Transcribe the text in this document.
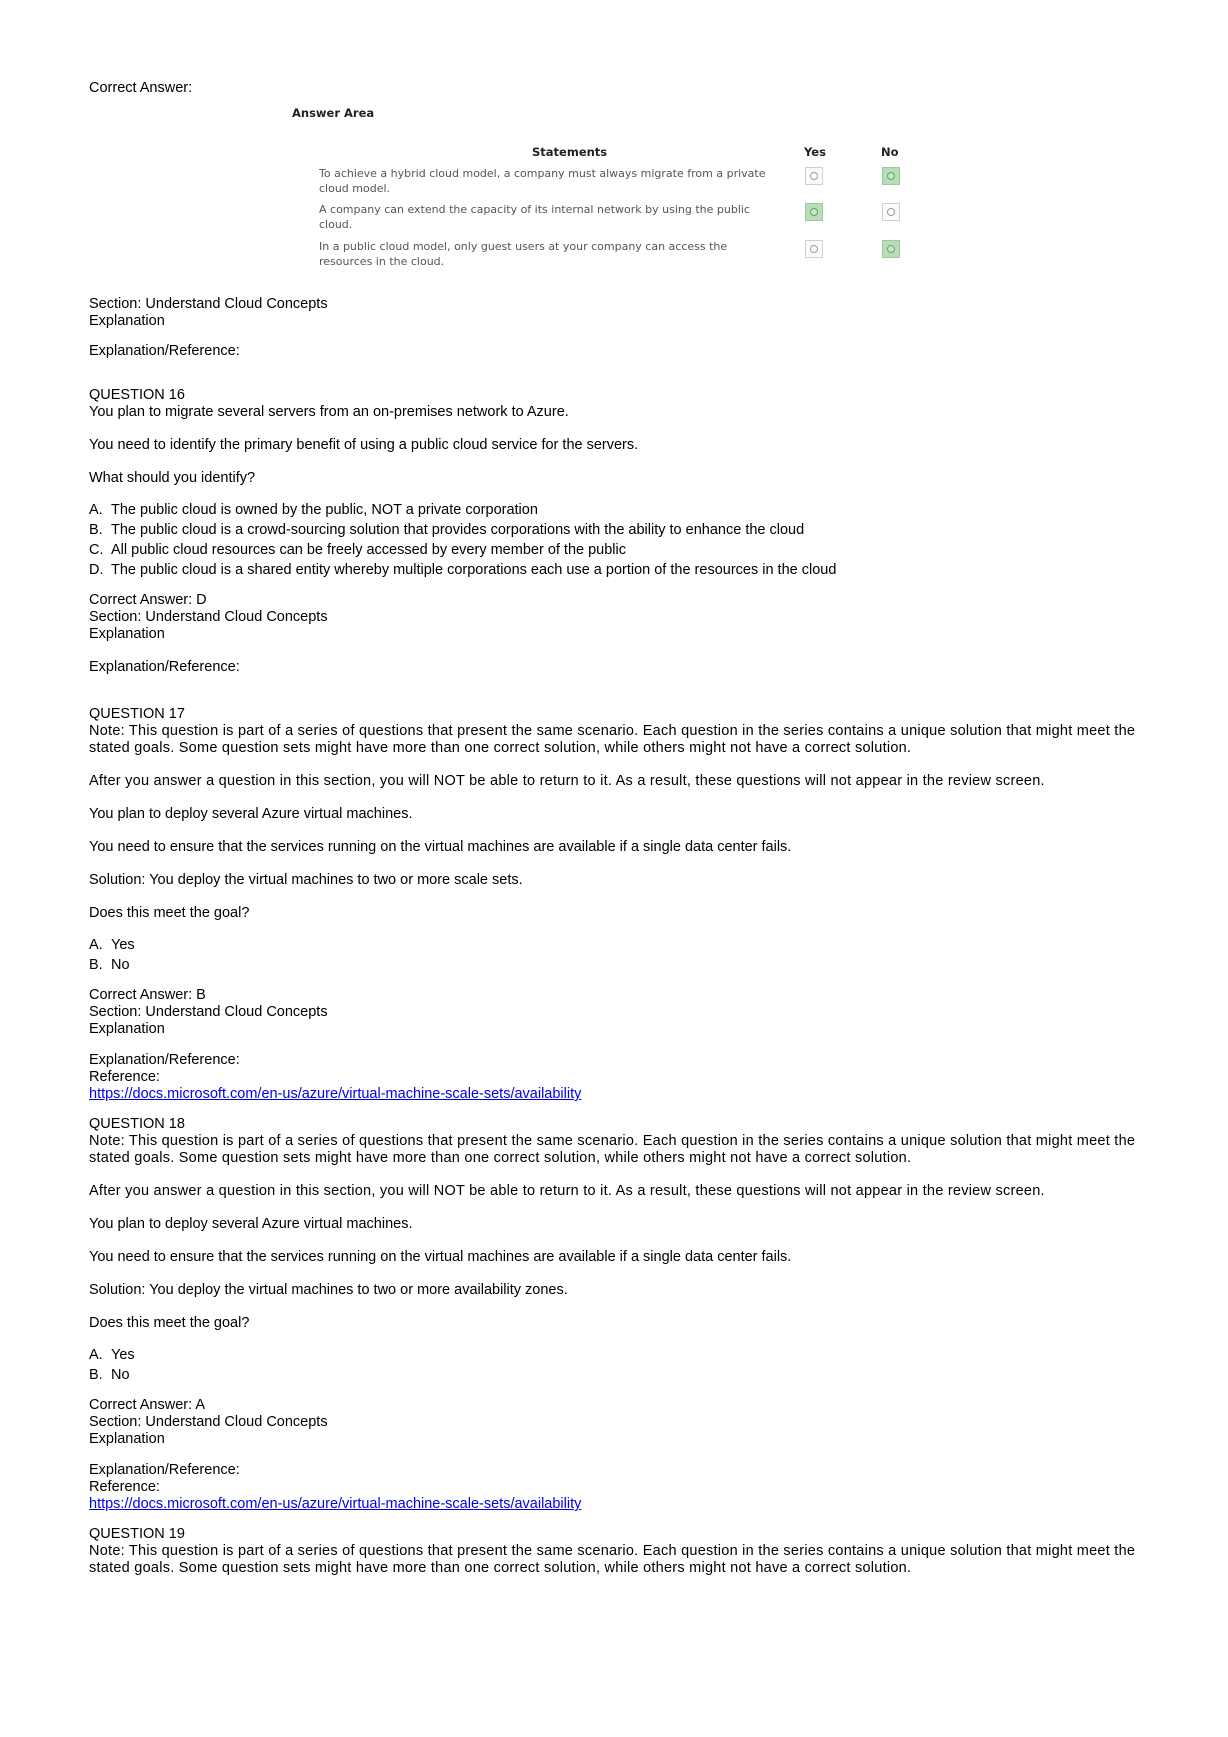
Correct Answer:

Answer Area
Statements	Yes	No
To achieve a hybrid cloud model, a company must always migrate from a private cloud model.
A company can extend the capacity of its internal network by using the public cloud.
In a public cloud model, only guest users at your company can access the resources in the cloud.

Section: Understand Cloud Concepts

Explanation

Explanation/Reference:

QUESTION 16

You plan to migrate several servers from an on-premises network to Azure.

You need to identify the primary benefit of using a public cloud service for the servers.

What should you identify?

A. The public cloud is owned by the public, NOT a private corporation
B. The public cloud is a crowd-sourcing solution that provides corporations with the ability to enhance the cloud
C. All public cloud resources can be freely accessed by every member of the public
D. The public cloud is a shared entity whereby multiple corporations each use a portion of the resources in the cloud

Correct Answer: D

Section: Understand Cloud Concepts

Explanation

Explanation/Reference:

QUESTION 17

Note: This question is part of a series of questions that present the same scenario. Each question in the series contains a unique solution that might meet the stated goals. Some question sets might have more than one correct solution, while others might not have a correct solution.

After you answer a question in this section, you will NOT be able to return to it. As a result, these questions will not appear in the review screen.

You plan to deploy several Azure virtual machines.

You need to ensure that the services running on the virtual machines are available if a single data center fails.

Solution: You deploy the virtual machines to two or more scale sets.

Does this meet the goal?

A. Yes
B. No

Correct Answer: B

Section: Understand Cloud Concepts

Explanation

Explanation/Reference:

Reference:

https://docs.microsoft.com/en-us/azure/virtual-machine-scale-sets/availability

QUESTION 18

Note: This question is part of a series of questions that present the same scenario. Each question in the series contains a unique solution that might meet the stated goals. Some question sets might have more than one correct solution, while others might not have a correct solution.

After you answer a question in this section, you will NOT be able to return to it. As a result, these questions will not appear in the review screen.

You plan to deploy several Azure virtual machines.

You need to ensure that the services running on the virtual machines are available if a single data center fails.

Solution: You deploy the virtual machines to two or more availability zones.

Does this meet the goal?

A. Yes
B. No

Correct Answer: A

Section: Understand Cloud Concepts

Explanation

Explanation/Reference:

Reference:

https://docs.microsoft.com/en-us/azure/virtual-machine-scale-sets/availability

QUESTION 19

Note: This question is part of a series of questions that present the same scenario. Each question in the series contains a unique solution that might meet the stated goals. Some question sets might have more than one correct solution, while others might not have a correct solution.
